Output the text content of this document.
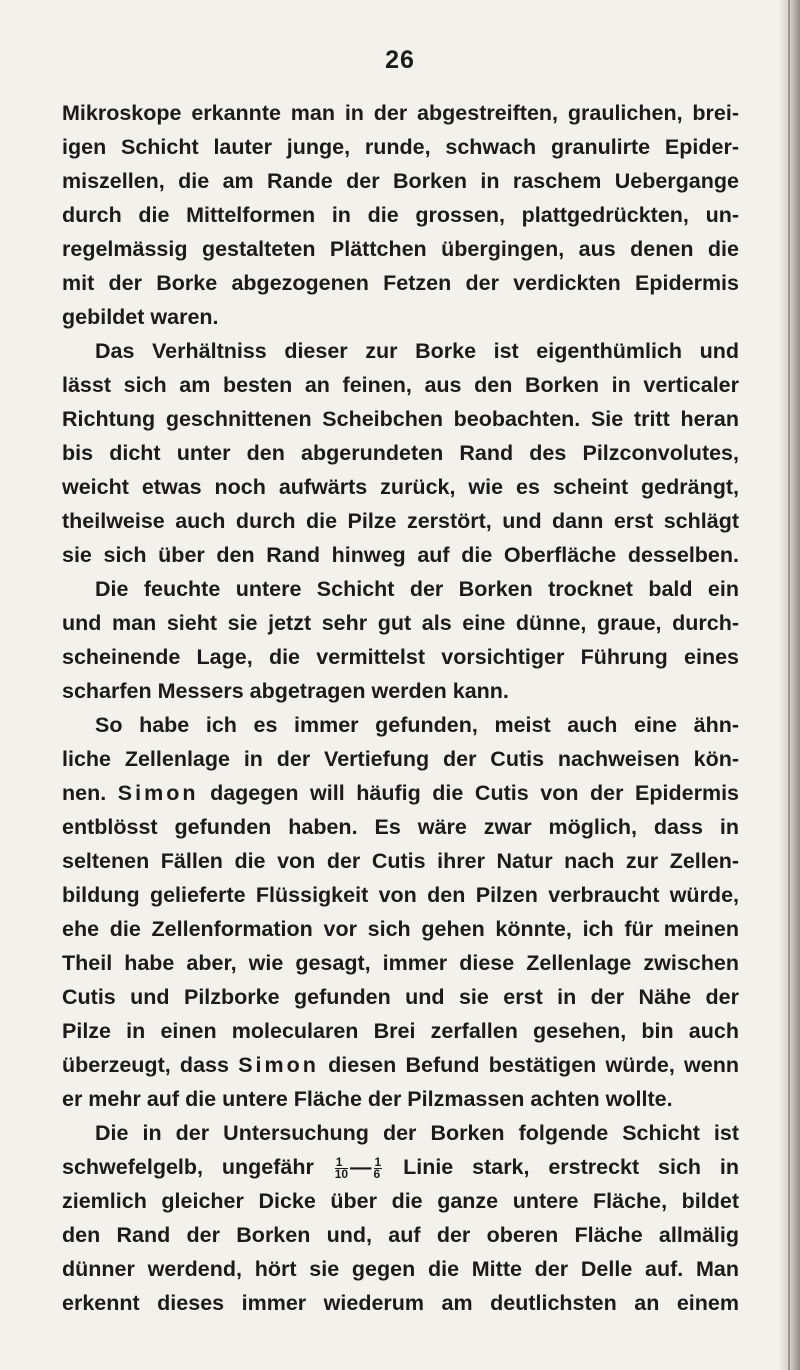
26
Mikroskope erkannte man in der abgestreiften, graulichen, brei-
igen Schicht lauter junge, runde, schwach granulirte Epider-
miszellen, die am Rande der Borken in raschem Uebergange
durch die Mittelformen in die grossen, plattgedrückten, un-
regelmässig gestalteten Plättchen übergingen, aus denen die
mit der Borke abgezogenen Fetzen der verdickten Epidermis
gebildet waren.
Das Verhältniss dieser zur Borke ist eigenthümlich und
lässt sich am besten an feinen, aus den Borken in verticaler
Richtung geschnittenen Scheibchen beobachten. Sie tritt heran
bis dicht unter den abgerundeten Rand des Pilzconvolutes,
weicht etwas noch aufwärts zurück, wie es scheint gedrängt,
theilweise auch durch die Pilze zerstört, und dann erst schlägt
sie sich über den Rand hinweg auf die Oberfläche desselben.
Die feuchte untere Schicht der Borken trocknet bald ein
und man sieht sie jetzt sehr gut als eine dünne, graue, durch-
scheinende Lage, die vermittelst vorsichtiger Führung eines
scharfen Messers abgetragen werden kann.
So habe ich es immer gefunden, meist auch eine ähn-
liche Zellenlage in der Vertiefung der Cutis nachweisen kön-
nen. Simon dagegen will häufig die Cutis von der Epidermis
entblösst gefunden haben. Es wäre zwar möglich, dass in
seltenen Fällen die von der Cutis ihrer Natur nach zur Zellen-
bildung gelieferte Flüssigkeit von den Pilzen verbraucht würde,
ehe die Zellenformation vor sich gehen könnte, ich für meinen
Theil habe aber, wie gesagt, immer diese Zellenlage zwischen
Cutis und Pilzborke gefunden und sie erst in der Nähe der
Pilze in einen molecularen Brei zerfallen gesehen, bin auch
überzeugt, dass Simon diesen Befund bestätigen würde, wenn
er mehr auf die untere Fläche der Pilzmassen achten wollte.
Die in der Untersuchung der Borken folgende Schicht ist
schwefelgelb, ungefähr $\frac{1}{10}$ — $\frac{1}{6}$ Linie stark, erstreckt sich in
ziemlich gleicher Dicke über die ganze untere Fläche, bildet
den Rand der Borken und, auf der oberen Fläche allmälig
dünner werdend, hört sie gegen die Mitte der Delle auf. Man
erkennt dieses immer wiederum am deutlichsten an einem
